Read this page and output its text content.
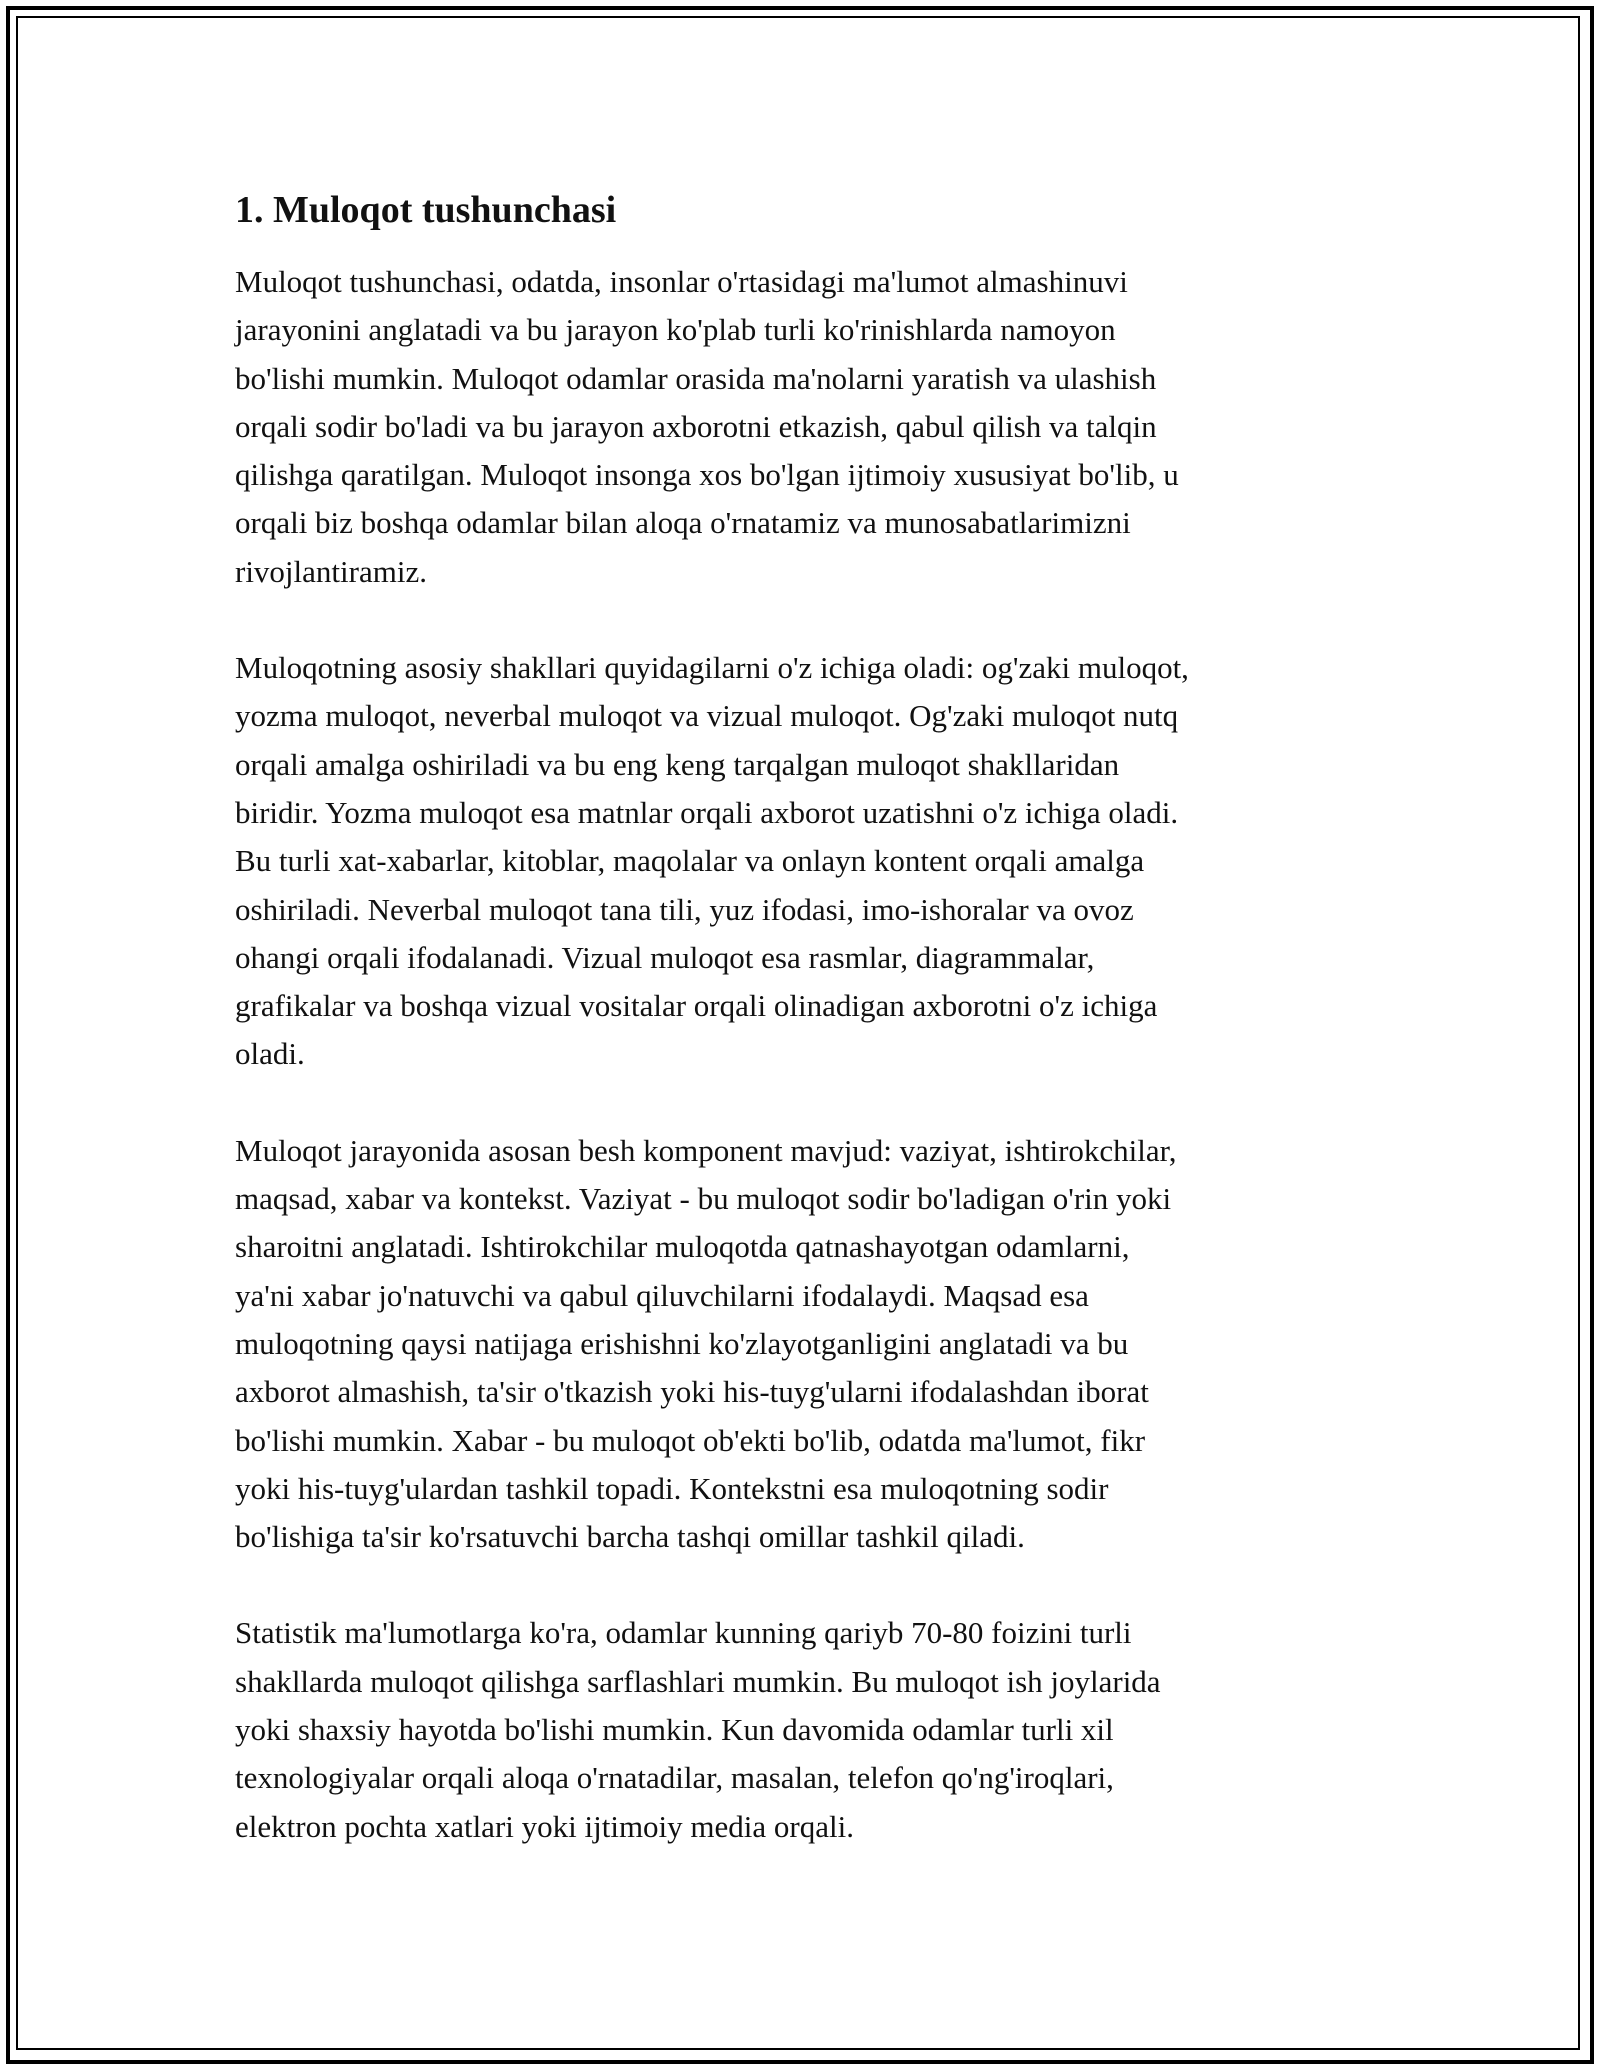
1. Muloqot tushunchasi

Muloqot tushunchasi, odatda, insonlar o'rtasidagi ma'lumot almashinuvi
jarayonini anglatadi va bu jarayon ko'plab turli ko'rinishlarda namoyon
bo'lishi mumkin. Muloqot odamlar orasida ma'nolarni yaratish va ulashish
orqali sodir bo'ladi va bu jarayon axborotni etkazish, qabul qilish va talqin
qilishga qaratilgan. Muloqot insonga xos bo'lgan ijtimoiy xususiyat bo'lib, u
orqali biz boshqa odamlar bilan aloqa o'rnatamiz va munosabatlarimizni
rivojlantiramiz.

Muloqotning asosiy shakllari quyidagilarni o'z ichiga oladi: og'zaki muloqot,
yozma muloqot, neverbal muloqot va vizual muloqot. Og'zaki muloqot nutq
orqali amalga oshiriladi va bu eng keng tarqalgan muloqot shakllaridan
biridir. Yozma muloqot esa matnlar orqali axborot uzatishni o'z ichiga oladi.
Bu turli xat-xabarlar, kitoblar, maqolalar va onlayn kontent orqali amalga
oshiriladi. Neverbal muloqot tana tili, yuz ifodasi, imo-ishoralar va ovoz
ohangi orqali ifodalanadi. Vizual muloqot esa rasmlar, diagrammalar,
grafikalar va boshqa vizual vositalar orqali olinadigan axborotni o'z ichiga
oladi.

Muloqot jarayonida asosan besh komponent mavjud: vaziyat, ishtirokchilar,
maqsad, xabar va kontekst. Vaziyat - bu muloqot sodir bo'ladigan o'rin yoki
sharoitni anglatadi. Ishtirokchilar muloqotda qatnashayotgan odamlarni,
ya'ni xabar jo'natuvchi va qabul qiluvchilarni ifodalaydi. Maqsad esa
muloqotning qaysi natijaga erishishni ko'zlayotganligini anglatadi va bu
axborot almashish, ta'sir o'tkazish yoki his-tuyg'ularni ifodalashdan iborat
bo'lishi mumkin. Xabar - bu muloqot ob'ekti bo'lib, odatda ma'lumot, fikr
yoki his-tuyg'ulardan tashkil topadi. Kontekstni esa muloqotning sodir
bo'lishiga ta'sir ko'rsatuvchi barcha tashqi omillar tashkil qiladi.

Statistik ma'lumotlarga ko'ra, odamlar kunning qariyb 70-80 foizini turli
shakllarda muloqot qilishga sarflashlari mumkin. Bu muloqot ish joylarida
yoki shaxsiy hayotda bo'lishi mumkin. Kun davomida odamlar turli xil
texnologiyalar orqali aloqa o'rnatadilar, masalan, telefon qo'ng'iroqlari,
elektron pochta xatlari yoki ijtimoiy media orqali.
